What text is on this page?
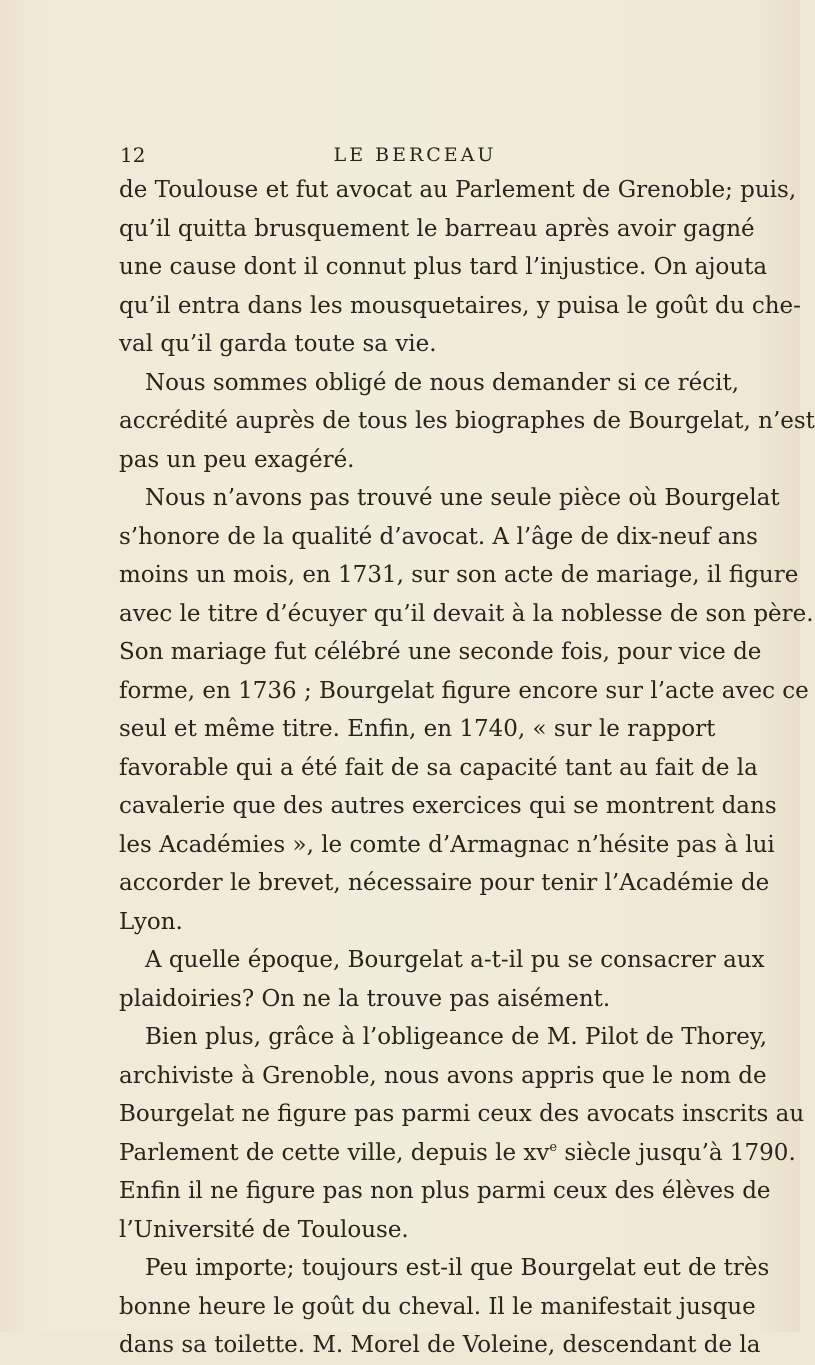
12	LE BERCEAU
de Toulouse et fut avocat au Parlement de Grenoble; puis,
qu’il quitta brusquement le barreau après avoir gagné
une cause dont il connut plus tard l’injustice. On ajouta
qu’il entra dans les mousquetaires, y puisa le goût du che-
val qu’il garda toute sa vie.
Nous sommes obligé de nous demander si ce récit,
accrédité auprès de tous les biographes de Bourgelat, n’est
pas un peu exagéré.
Nous n’avons pas trouvé une seule pièce où Bourgelat
s’honore de la qualité d’avocat. A l’âge de dix-neuf ans
moins un mois, en 1731, sur son acte de mariage, il figure
avec le titre d’écuyer qu’il devait à la noblesse de son père.
Son mariage fut célébré une seconde fois, pour vice de
forme, en 1736 ; Bourgelat figure encore sur l’acte avec ce
seul et même titre. Enfin, en 1740, « sur le rapport
favorable qui a été fait de sa capacité tant au fait de la
cavalerie que des autres exercices qui se montrent dans
les Académies », le comte d’Armagnac n’hésite pas à lui
accorder le brevet, nécessaire pour tenir l’Académie de
Lyon.
A quelle époque, Bourgelat a-t-il pu se consacrer aux
plaidoiries? On ne la trouve pas aisément.
Bien plus, grâce à l’obligeance de M. Pilot de Thorey,
archiviste à Grenoble, nous avons appris que le nom de
Bourgelat ne figure pas parmi ceux des avocats inscrits au
Parlement de cette ville, depuis le $xv^e$ siècle jusqu’à 1790.
Enfin il ne figure pas non plus parmi ceux des élèves de
l’Université de Toulouse.
Peu importe; toujours est-il que Bourgelat eut de très
bonne heure le goût du cheval. Il le manifestait jusque
dans sa toilette. M. Morel de Voleine, descendant de la
